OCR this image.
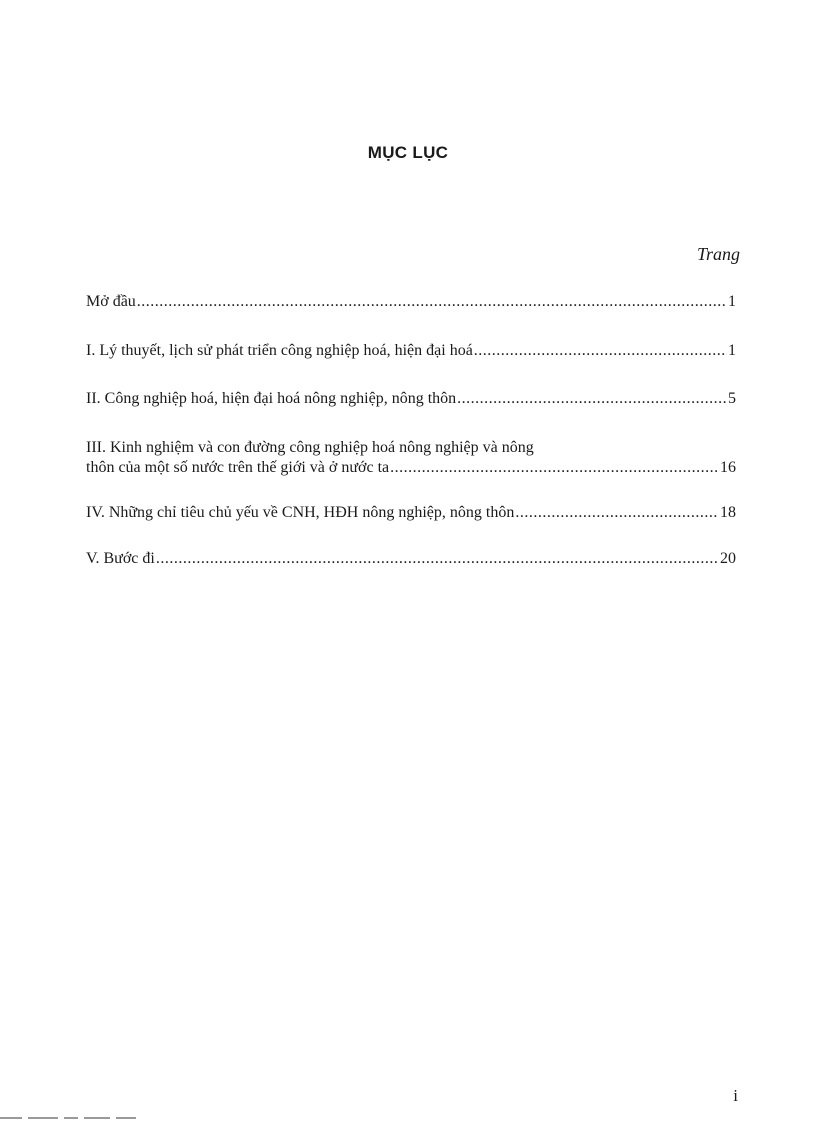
MỤC LỤC
Trang
Mở đầu .....	1
I. Lý thuyết, lịch sử phát triển công nghiệp hoá, hiện đại hoá .....	1
II. Công nghiệp hoá, hiện đại hoá nông nghiệp, nông thôn .....	5
III. Kinh nghiệm và con đường công nghiệp hoá nông nghiệp và nông
thôn của một số nước trên thế giới và ở nước ta .....	16
IV. Những chỉ tiêu chủ yếu về CNH, HĐH nông nghiệp, nông thôn .....	18
V. Bước đi .....	20
i
